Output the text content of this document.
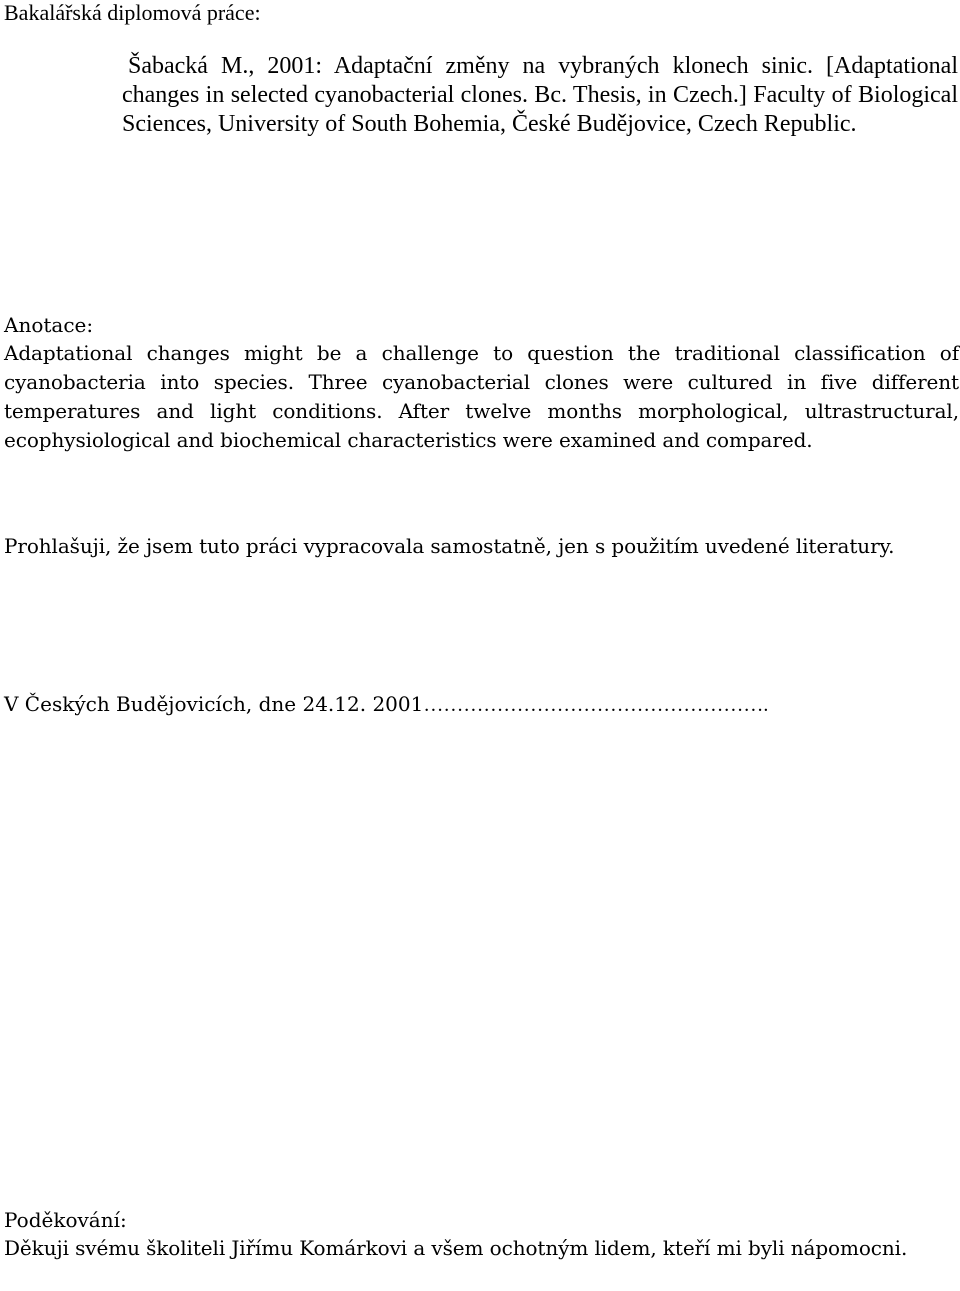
Bakalářská diplomová práce:
Šabacká M., 2001: Adaptační změny na vybraných klonech sinic. [Adaptational changes in selected cyanobacterial clones. Bc. Thesis, in Czech.] Faculty of Biological Sciences, University of South Bohemia, České Budějovice, Czech Republic.
Anotace:
Adaptational changes might be a challenge to question the traditional classification of cyanobacteria into species. Three cyanobacterial clones were cultured in five different temperatures and light conditions. After twelve months morphological, ultrastructural, ecophysiological and biochemical characteristics were examined and compared.
Prohlašuji, že jsem tuto práci vypracovala samostatně, jen s použitím uvedené literatury.
V Českých Budějovicích, dne 24.12. 2001…………………………………………….
Poděkování:
Děkuji svému školiteli Jiřímu Komárkovi a všem ochotným lidem, kteří mi byli nápomocni.
